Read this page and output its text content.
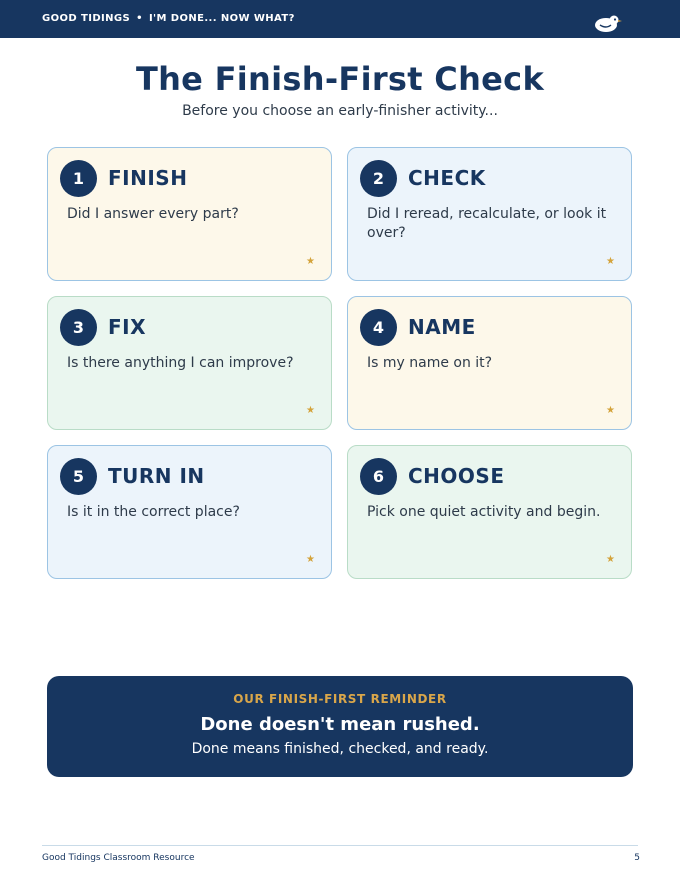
GOOD TIDINGS • I'M DONE... NOW WHAT?
The Finish-First Check
Before you choose an early-finisher activity...
1	FINISH
Did I answer every part?
★
2	CHECK
Did I reread, recalculate, or look it over?
★
3	FIX
Is there anything I can improve?
★
4	NAME
Is my name on it?
★
5	TURN IN
Is it in the correct place?
★
6	CHOOSE
Pick one quiet activity and begin.
★
OUR FINISH-FIRST REMINDER
Done doesn't mean rushed.
Done means finished, checked, and ready.
Good Tidings Classroom Resource	5
